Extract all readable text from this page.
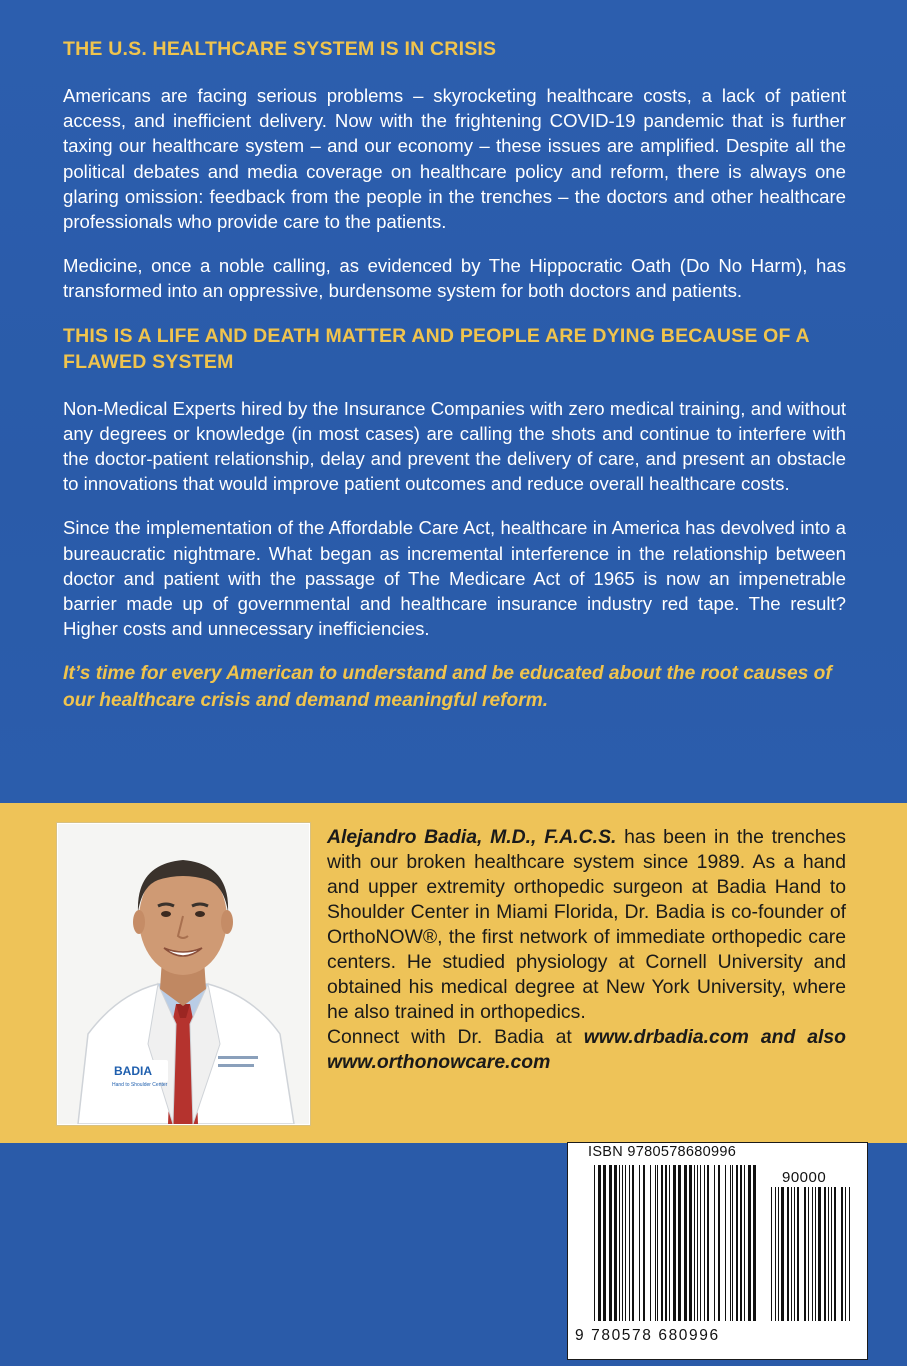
THE U.S. HEALTHCARE SYSTEM IS IN CRISIS

Americans are facing serious problems – skyrocketing healthcare costs, a lack of patient access, and inefficient delivery. Now with the frightening COVID-19 pandemic that is further taxing our healthcare system – and our economy – these issues are amplified. Despite all the political debates and media coverage on healthcare policy and reform, there is always one glaring omission: feedback from the people in the trenches – the doctors and other healthcare professionals who provide care to the patients.

Medicine, once a noble calling, as evidenced by The Hippocratic Oath (Do No Harm), has transformed into an oppressive, burdensome system for both doctors and patients.

THIS IS A LIFE AND DEATH MATTER AND PEOPLE ARE DYING BECAUSE OF A FLAWED SYSTEM

Non-Medical Experts hired by the Insurance Companies with zero medical training, and without any degrees or knowledge (in most cases) are calling the shots and continue to interfere with the doctor-patient relationship, delay and prevent the delivery of care, and present an obstacle to innovations that would improve patient outcomes and reduce overall healthcare costs.

Since the implementation of the Affordable Care Act, healthcare in America has devolved into a bureaucratic nightmare. What began as incremental interference in the relationship between doctor and patient with the passage of The Medicare Act of 1965 is now an impenetrable barrier made up of governmental and healthcare insurance industry red tape. The result? Higher costs and unnecessary inefficiencies.

It’s time for every American to understand and be educated about the root causes of our healthcare crisis and demand meaningful reform.
BADIA
Hand to Shoulder Center
Alejandro Badia, M.D., F.A.C.S. has been in the trenches with our broken healthcare system since 1989. As a hand and upper extremity orthopedic surgeon at Badia Hand to Shoulder Center in Miami Florida, Dr. Badia is co-founder of OrthoNOW®, the first network of immediate orthopedic care centers. He studied physiology at Cornell University and obtained his medical degree at New York University, where he also trained in orthopedics.
Connect with Dr. Badia at www.drbadia.com and also www.orthonowcare.com
ISBN 9780578680996
90000
9 780578 680996
